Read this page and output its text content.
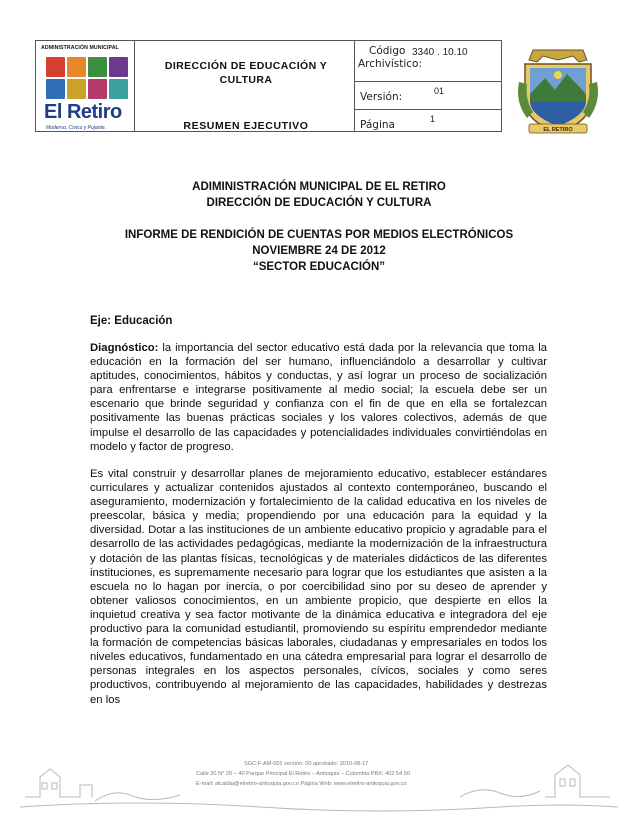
ADMINISTRACIÓN MUNICIPAL
El Retiro
Moderno, Cívico y Pujante.
DIRECCIÓN DE EDUCACIÓN Y
CULTURA
RESUMEN EJECUTIVO
Código
Archivístico:
3340 . 10.10
Versión:	01
Página	1
EL RETIRO
ADIMINISTRACIÓN MUNICIPAL DE EL RETIRO
DIRECCIÓN DE EDUCACIÓN Y CULTURA
INFORME DE RENDICIÓN DE CUENTAS POR MEDIOS ELECTRÓNICOS
NOVIEMBRE 24 DE 2012
“SECTOR EDUCACIÓN”
Eje: Educación
Diagnóstico: la importancia del sector educativo está dada por la relevancia que toma la educación en la formación del ser humano, influenciándolo a desarrollar y cultivar aptitudes, conocimientos, hábitos y conductas, y así lograr un proceso de socialización para enfrentarse e integrarse positivamente al medio social; la escuela debe ser un escenario que brinde seguridad y confianza con el fin de que en ella se fortalezcan positivamente las buenas prácticas sociales y los valores colectivos, además de que impulse el desarrollo de las capacidades y potencialidades individuales convirtiéndolas en modelo y factor de progreso.
Es vital construir y desarrollar planes de mejoramiento educativo, establecer estándares curriculares y actualizar contenidos ajustados al contexto contemporáneo, buscando el aseguramiento, modernización y fortalecimiento de la calidad educativa en los niveles de preescolar, básica y media; propendiendo por una educación para la equidad y la diversidad. Dotar a las instituciones de un ambiente educativo propicio y agradable para el desarrollo de las actividades pedagógicas, mediante la modernización de la infraestructura y dotación de las plantas físicas, tecnológicas y de materiales didácticos de las diferentes instituciones, es supremamente necesario para lograr que los estudiantes que asisten a la escuela no lo hagan por inercia, o por coercibilidad sino por su deseo de aprender y obtener valiosos conocimientos, en un ambiente propicio, que despierte en ellos la inquietud creativa y sea factor motivante de la dinámica educativa e integradora del eje productivo para la comunidad estudiantil, promoviendo su espíritu emprendedor mediante la formación de competencias básicas laborales, ciudadanas y empresariales en todos los niveles educativos, fundamentado en una cátedra empresarial para lograr el desarrollo de personas integrales en los aspectos personales, cívicos, sociales y como seres productivos, contribuyendo al mejoramiento de las capacidades, habilidades y destrezas en los
SGC:F-AM-001 versión: 00 aprobado: 2010-08-17
Calle 20 N° 20 – 40 Parque Principal El Retiro – Antioquia – Colombia PBX: 402 54 50
E-mail: alcaldia@elretiro-antioquia.gov.co Página Web: www.elretiro-antioquia.gov.co
